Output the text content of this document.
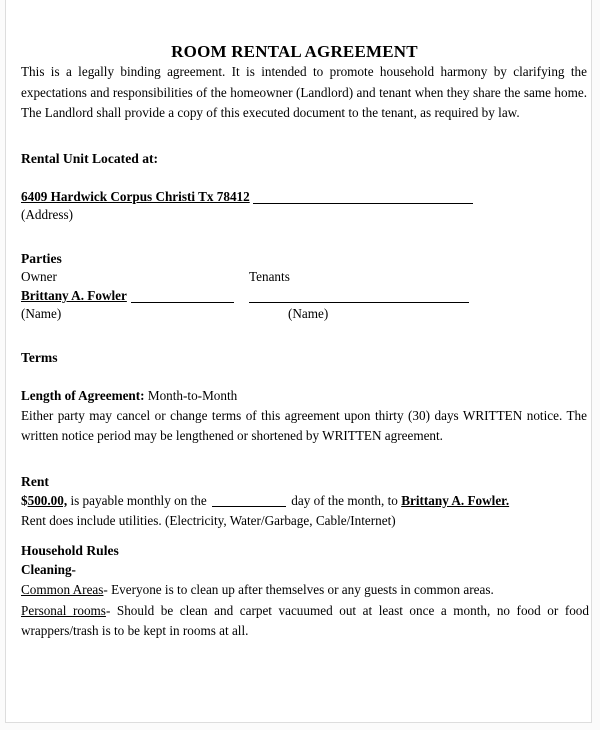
ROOM RENTAL AGREEMENT

This is a legally binding agreement. It is intended to promote household harmony by clarifying the expectations and responsibilities of the homeowner (Landlord) and tenant when they share the same home. The Landlord shall provide a copy of this executed document to the tenant, as required by law.

Rental Unit Located at:
6409 Hardwick Corpus Christi Tx 78412
(Address)
Parties
Owner	Tenants
Brittany A. Fowler
(Name)	(Name)
Terms
Length of Agreement: Month-to-Month

Either party may cancel or change terms of this agreement upon thirty (30) days WRITTEN notice. The written notice period may be lengthened or shortened by WRITTEN agreement.

Rent
$500.00, is payable monthly on the	day of the month, to Brittany A. Fowler.
Rent does include utilities. (Electricity, Water/Garbage, Cable/Internet)
Household Rules
Cleaning-
Common Areas- Everyone is to clean up after themselves or any guests in common areas.

Personal rooms- Should be clean and carpet vacuumed out at least once a month, no food or food wrappers/trash is to be kept in rooms at all.
